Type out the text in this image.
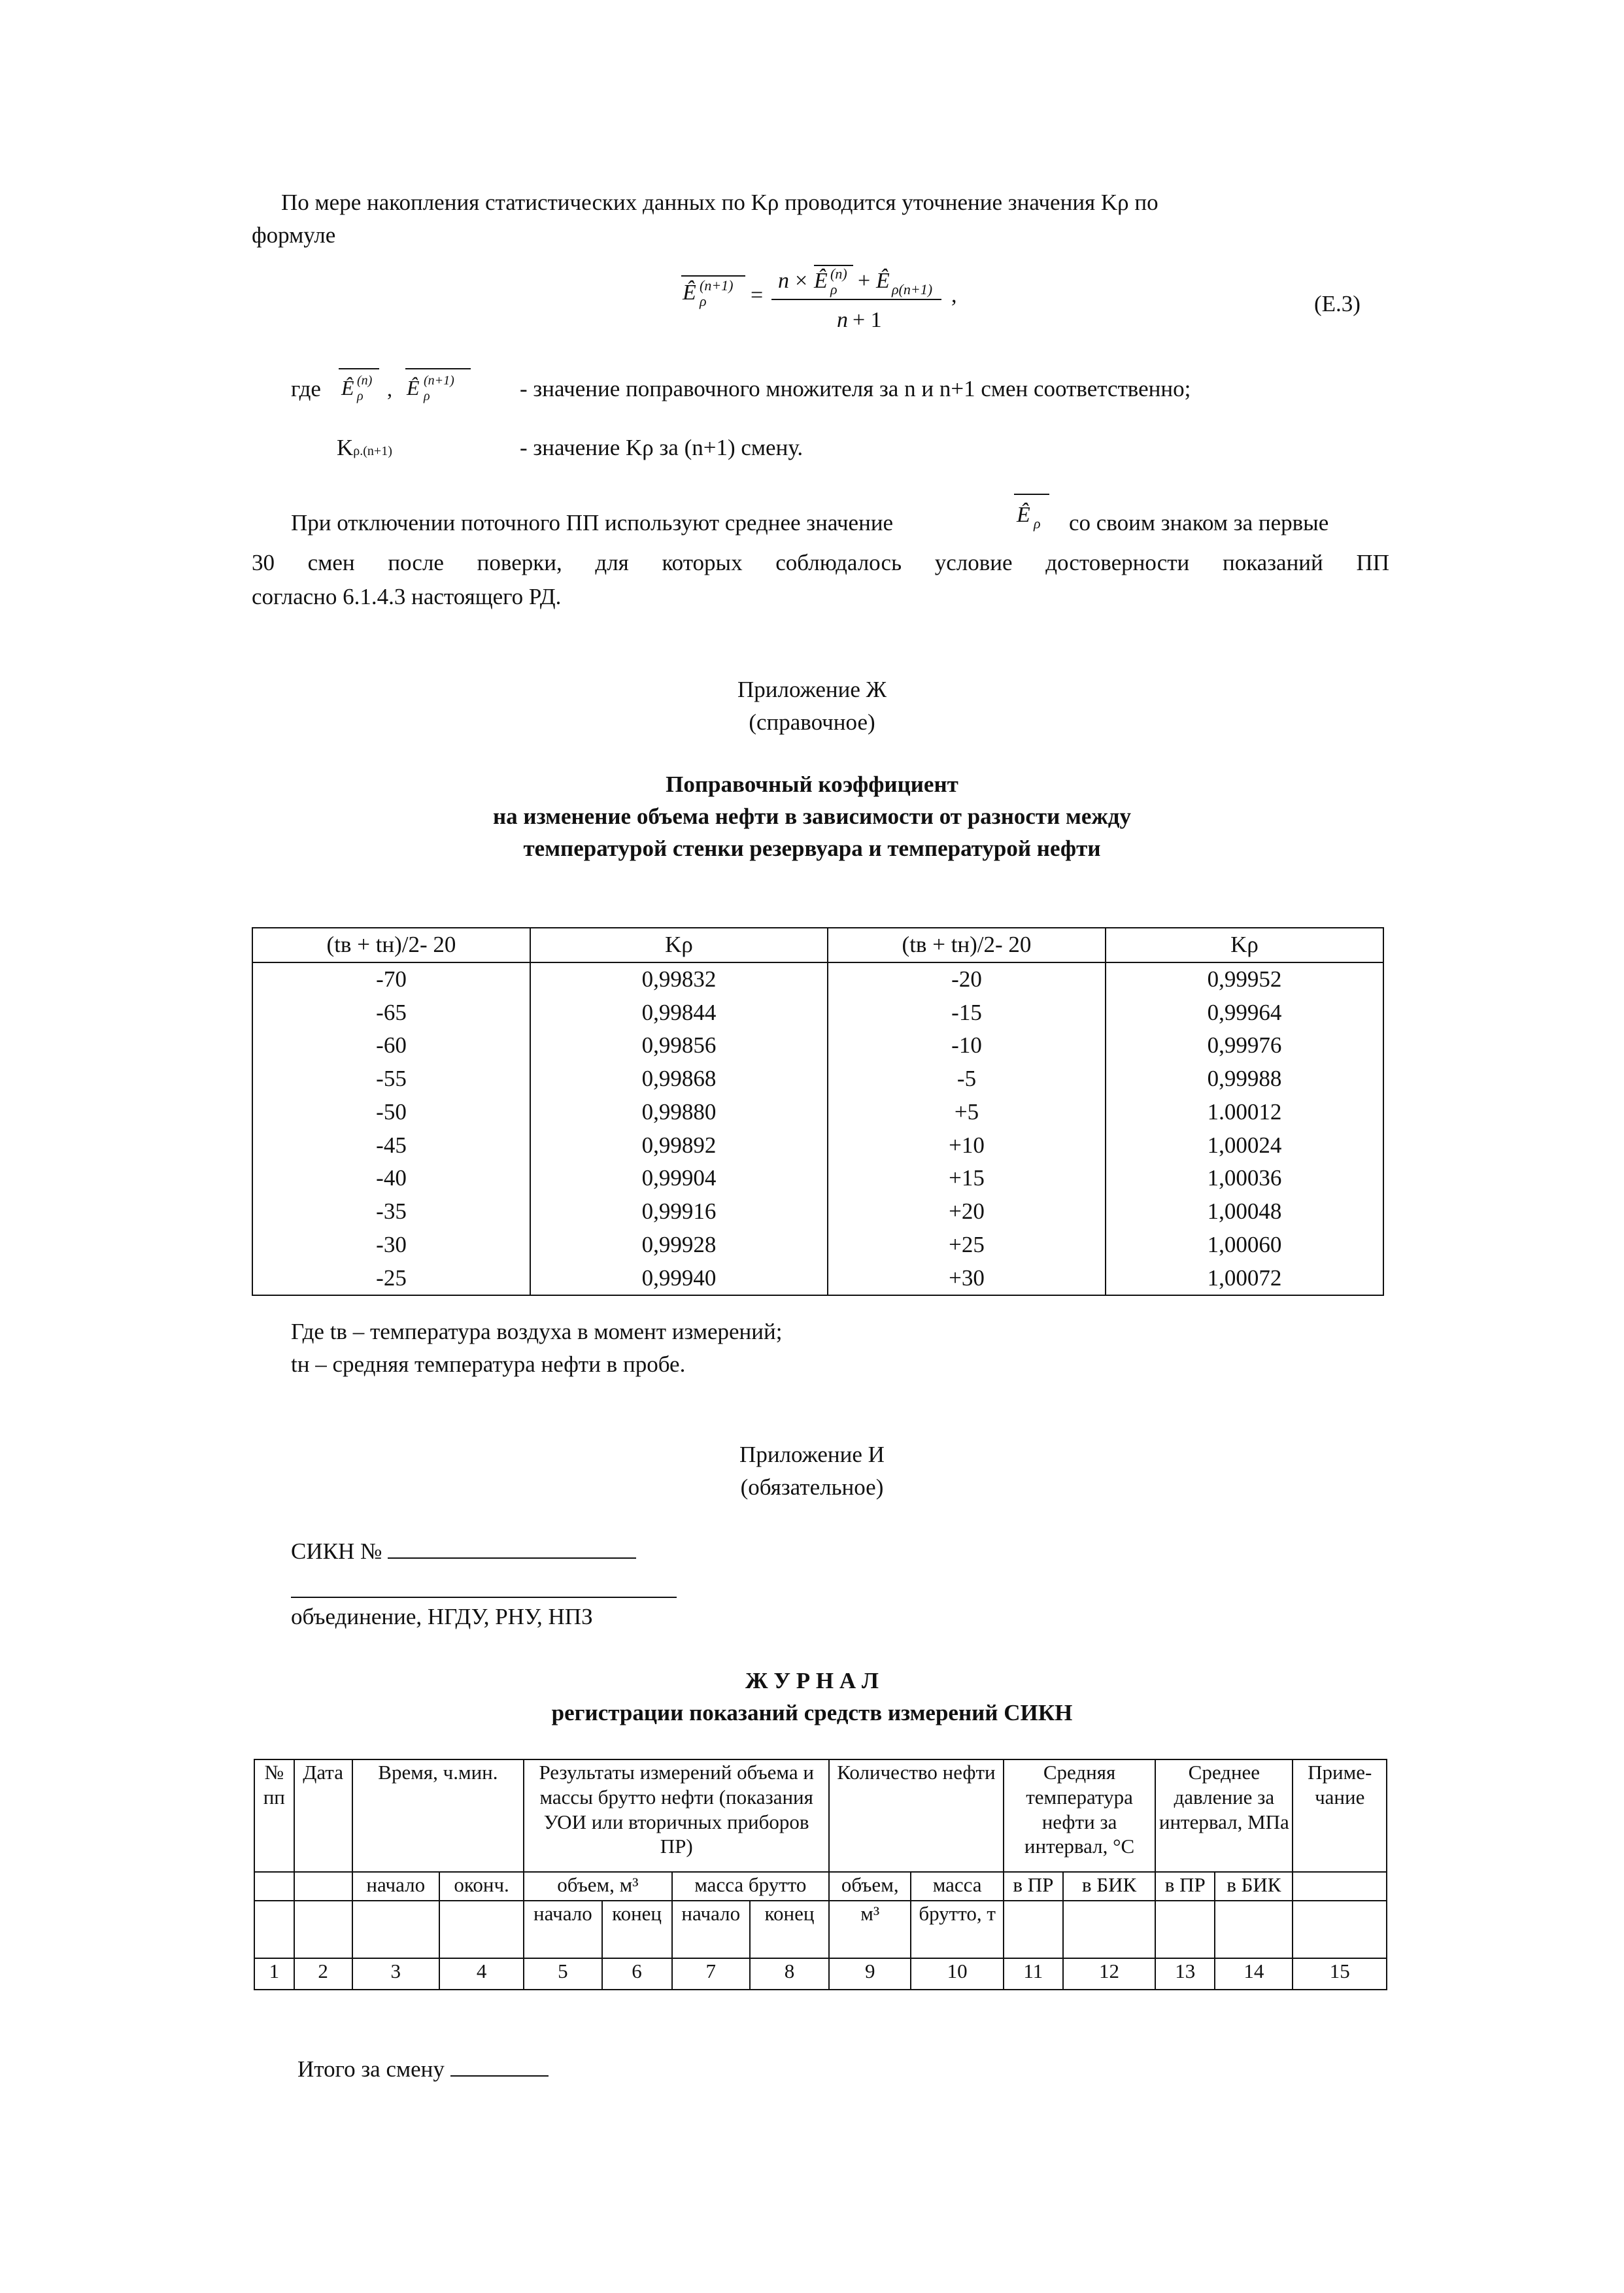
По мере накопления статистических данных по Kρ проводится уточнение значения Kρ по
формуле
Ê ρ
(n+1) =
n × Ê (n)
ρ + Ê ρ(n+1)
n + 1
,	(Е.3)
где Ê (n)
ρ , Ê (n+1)
ρ	- значение поправочного множителя за n и n+1 смен соответственно;
Kρ.(n+1)	- значение Kρ за (n+1) смену.
При отключении поточного ПП используют среднее значение	Ê ρ со своим знаком за первые
30 смен после поверки, для которых соблюдалось условие достоверности показаний ПП
согласно 6.1.4.3 настоящего РД.
Приложение Ж
(справочное)
Поправочный коэффициент
на изменение объема нефти в зависимости от разности между
температурой стенки резервуара и температурой нефти
(tв + tн)/2- 20	Kρ	(tв + tн)/2- 20	Kρ
-70	0,99832	-20	0,99952
-65	0,99844	-15	0,99964
-60	0,99856	-10	0,99976
-55	0,99868	-5	0,99988
-50	0,99880	+5	1.00012
-45	0,99892	+10	1,00024
-40	0,99904	+15	1,00036
-35	0,99916	+20	1,00048
-30	0,99928	+25	1,00060
-25	0,99940	+30	1,00072
Где tв – температура воздуха в момент измерений;
tн – средняя температура нефти в пробе.
Приложение И
(обязательное)
СИКН №
объединение, НГДУ, РНУ, НПЗ
Ж У Р Н А Л
регистрации показаний средств измерений СИКН
№ пп	Дата	Время, ч.мин.		Результаты измерений объема и массы брутто нефти (показания УОИ или вторичных приборов ПР)				Количество нефти		Средняя температура нефти за интервал, °С		Среднее давление за интервал, МПа		Приме-чание
		начало	оконч.	объем, м³		масса брутто		объем,	масса	в ПР	в БИК	в ПР	в БИК	
				начало	конец	начало	конец	м³	брутто, т					
1	2	3	4	5	6	7	8	9	10	11	12	13	14	15
Итого за смену
